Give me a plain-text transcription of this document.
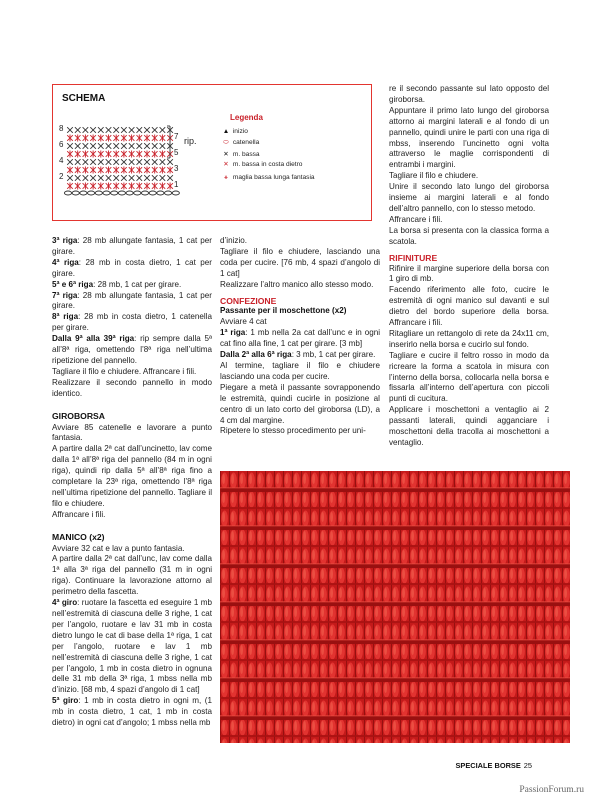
SCHEMA
8
6
4
2
7
5
3
1
rip.
Legenda
▲ inizio
⬭ catenella
✕ m. bassa
✕ m. bassa in costa dietro
⚹ maglia bassa lunga fantasia

3ª riga: 28 mb allungate fantasia, 1 cat per girare.

4ª riga: 28 mb in costa dietro, 1 cat per girare.

5ª e 6ª riga: 28 mb, 1 cat per girare.

7ª riga: 28 mb allungate fantasia, 1 cat per girare.

8ª riga: 28 mb in costa dietro, 1 catenella per girare.

Dalla 9ª alla 39ª riga: rip sempre dalla 5ª all’8ª riga, omettendo l’8ª riga nell’ultima ripetizione del pannello.

Tagliare il filo e chiudere. Affrancare i fili.

Realizzare il secondo pannello in modo identico.

GIROBORSA

Avviare 85 catenelle e lavorare a punto fantasia.

A partire dalla 2ª cat dall’uncinetto, lav come dalla 1ª all’8ª riga del pannello (84 m in ogni riga), quindi rip dalla 5ª all’8ª riga fino a completare la 23ª riga, omettendo l’8ª riga nell’ultima ripetizione del pannello. Tagliare il filo e chiudere.

Affrancare i fili.

MANICO (x2)

Avviare 32 cat e lav a punto fantasia.

A partire dalla 2ª cat dall’unc, lav come dalla 1ª alla 3ª riga del pannello (31 m in ogni riga). Continuare la lavorazione attorno al perimetro della fascetta.

4ª giro: ruotare la fascetta ed eseguire 1 mb nell’estremità di ciascuna delle 3 righe, 1 cat per l’angolo, ruotare e lav 31 mb in costa dietro lungo le cat di base della 1ª riga, 1 cat per l’angolo, ruotare e lav 1 mb nell’estremità di ciascuna delle 3 righe, 1 cat per l’angolo, 1 mb in costa dietro in ognuna delle 31 mb della 3ª riga, 1 mbss nella mb d’inizio. [68 mb, 4 spazi d’angolo di 1 cat]

5ª giro: 1 mb in costa dietro in ogni m, (1 mb in costa dietro, 1 cat, 1 mb in costa dietro) in ogni cat d’angolo; 1 mbss nella mb

d’inizio.

Tagliare il filo e chiudere, lasciando una coda per cucire. [76 mb, 4 spazi d’angolo di 1 cat]

Realizzare l’altro manico allo stesso modo.

CONFEZIONE

Passante per il moschettone (x2)

Avviare 4 cat

1ª riga: 1 mb nella 2a cat dall’unc e in ogni cat fino alla fine, 1 cat per girare. [3 mb]

Dalla 2ª alla 6ª riga: 3 mb, 1 cat per girare.

Al termine, tagliare il filo e chiudere lasciando una coda per cucire.

Piegare a metà il passante sovrapponendo le estremità, quindi cucirle in posizione al centro di un lato corto del giroborsa (LD), a 4 cm dal margine.

Ripetere lo stesso procedimento per uni-

re il secondo passante sul lato opposto del giroborsa.

Appuntare il primo lato lungo del giroborsa attorno ai margini laterali e al fondo di un pannello, quindi unire le parti con una riga di mbss, inserendo l’uncinetto ogni volta attraverso le maglie corrispondenti di entrambi i margini.

Tagliare il filo e chiudere.

Unire il secondo lato lungo del giroborsa insieme ai margini laterali e al fondo dell’altro pannello, con lo stesso metodo.

Affrancare i fili.

La borsa si presenta con la classica forma a scatola.

RIFINITURE

Rifinire il margine superiore della borsa con 1 giro di mb.

Facendo riferimento alle foto, cucire le estremità di ogni manico sul davanti e sul dietro del bordo superiore della borsa. Affrancare i fili.

Ritagliare un rettangolo di rete da 24x11 cm, inserirlo nella borsa e cucirlo sul fondo.

Tagliare e cucire il feltro rosso in modo da ricreare la forma a scatola in misura con l’interno della borsa, collocarla nella borsa e fissarla all’interno dell’apertura con piccoli punti di cucitura.

Applicare i moschettoni a ventaglio ai 2 passanti laterali, quindi agganciare i moschettoni della tracolla ai moschettoni a ventaglio.

SPECIALE BORSE 25
PassionForum.ru
